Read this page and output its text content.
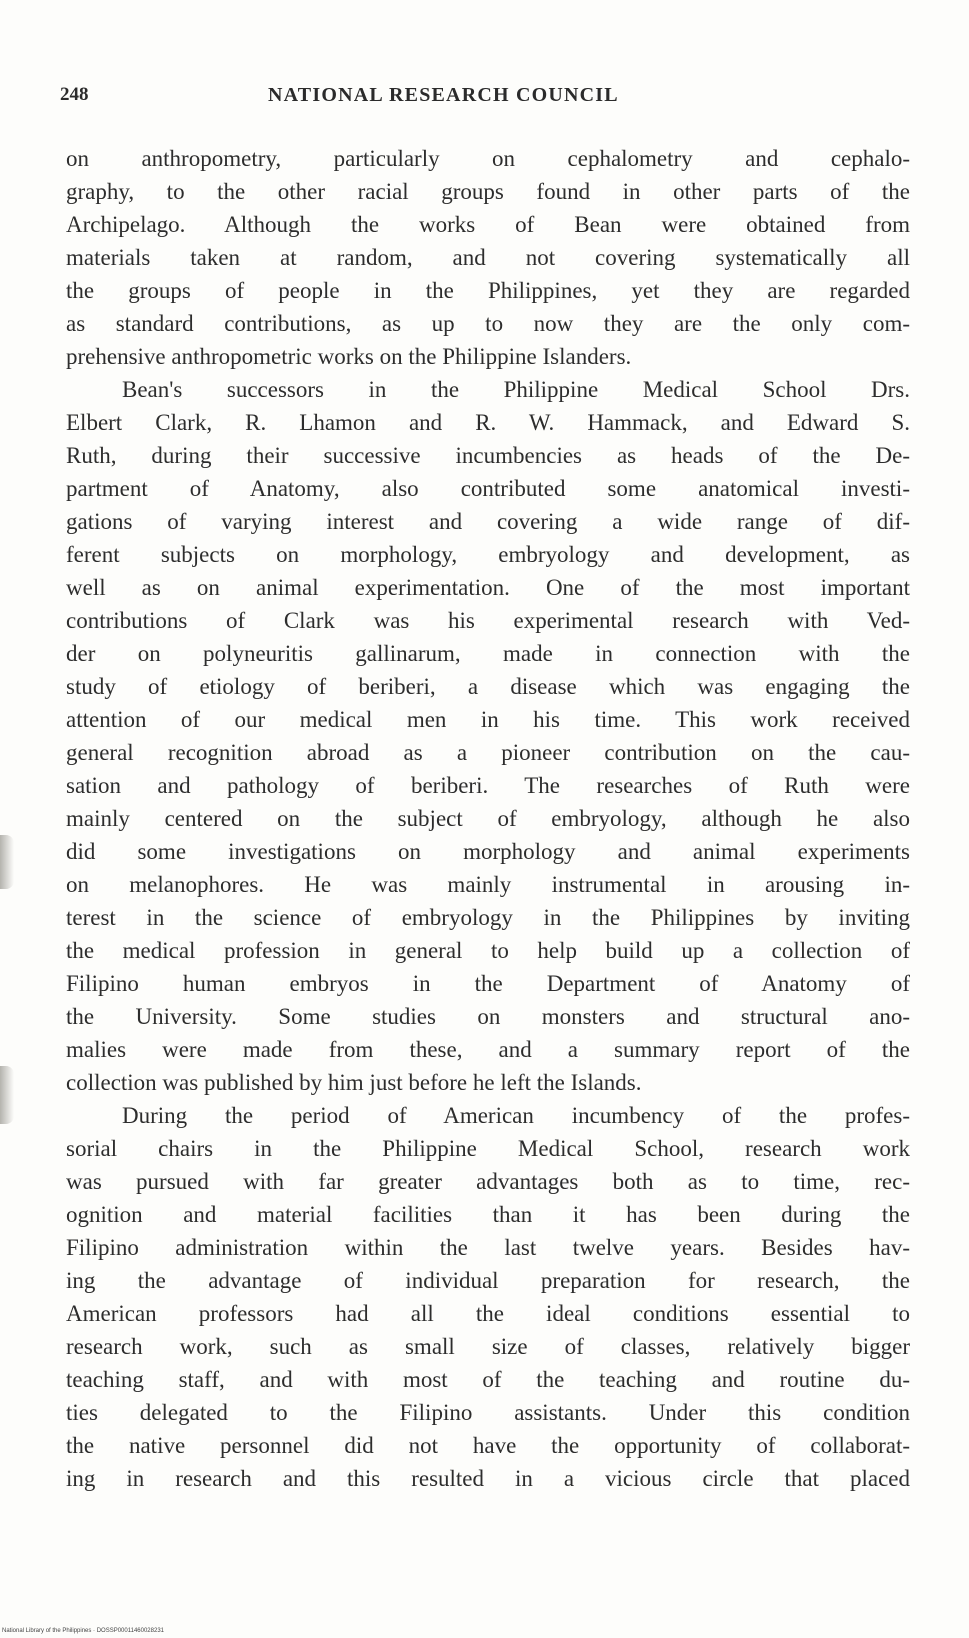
248	NATIONAL RESEARCH COUNCIL
on anthropometry, particularly on cephalometry and cephalo-
graphy, to the other racial groups found in other parts of the
Archipelago. Although the works of Bean were obtained from
materials taken at random, and not covering systematically all
the groups of people in the Philippines, yet they are regarded
as standard contributions, as up to now they are the only com-
prehensive anthropometric works on the Philippine Islanders.
Bean's successors in the Philippine Medical School Drs.
Elbert Clark, R. Lhamon and R. W. Hammack, and Edward S.
Ruth, during their successive incumbencies as heads of the De-
partment of Anatomy, also contributed some anatomical investi-
gations of varying interest and covering a wide range of dif-
ferent subjects on morphology, embryology and development, as
well as on animal experimentation. One of the most important
contributions of Clark was his experimental research with Ved-
der on polyneuritis gallinarum, made in connection with the
study of etiology of beriberi, a disease which was engaging the
attention of our medical men in his time. This work received
general recognition abroad as a pioneer contribution on the cau-
sation and pathology of beriberi. The researches of Ruth were
mainly centered on the subject of embryology, although he also
did some investigations on morphology and animal experiments
on melanophores. He was mainly instrumental in arousing in-
terest in the science of embryology in the Philippines by inviting
the medical profession in general to help build up a collection of
Filipino human embryos in the Department of Anatomy of
the University. Some studies on monsters and structural ano-
malies were made from these, and a summary report of the
collection was published by him just before he left the Islands.
During the period of American incumbency of the profes-
sorial chairs in the Philippine Medical School, research work
was pursued with far greater advantages both as to time, rec-
ognition and material facilities than it has been during the
Filipino administration within the last twelve years. Besides hav-
ing the advantage of individual preparation for research, the
American professors had all the ideal conditions essential to
research work, such as small size of classes, relatively bigger
teaching staff, and with most of the teaching and routine du-
ties delegated to the Filipino assistants. Under this condition
the native personnel did not have the opportunity of collaborat-
ing in research and this resulted in a vicious circle that placed
National Library of the Philippines · DOSSP00011460028231
